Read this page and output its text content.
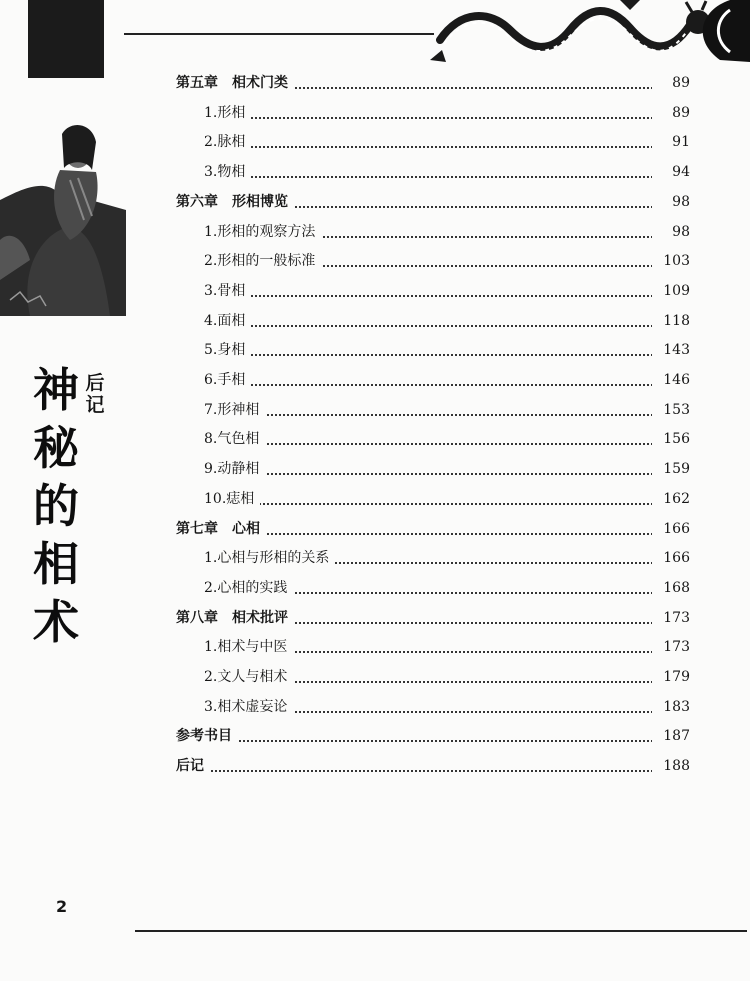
神
秘
的
相
术
后
记
第五章　相术门类	89
1.形相	89
2.脉相	91
3.物相	94
第六章　形相博览	98
1.形相的观察方法	98
2.形相的一般标准	103
3.骨相	109
4.面相	118
5.身相	143
6.手相	146
7.形神相	153
8.气色相	156
9.动静相	159
10.痣相	162
第七章　心相	166
1.心相与形相的关系	166
2.心相的实践	168
第八章　相术批评	173
1.相术与中医	173
2.文人与相术	179
3.相术虚妄论	183
参考书目	187
后记	188
2
